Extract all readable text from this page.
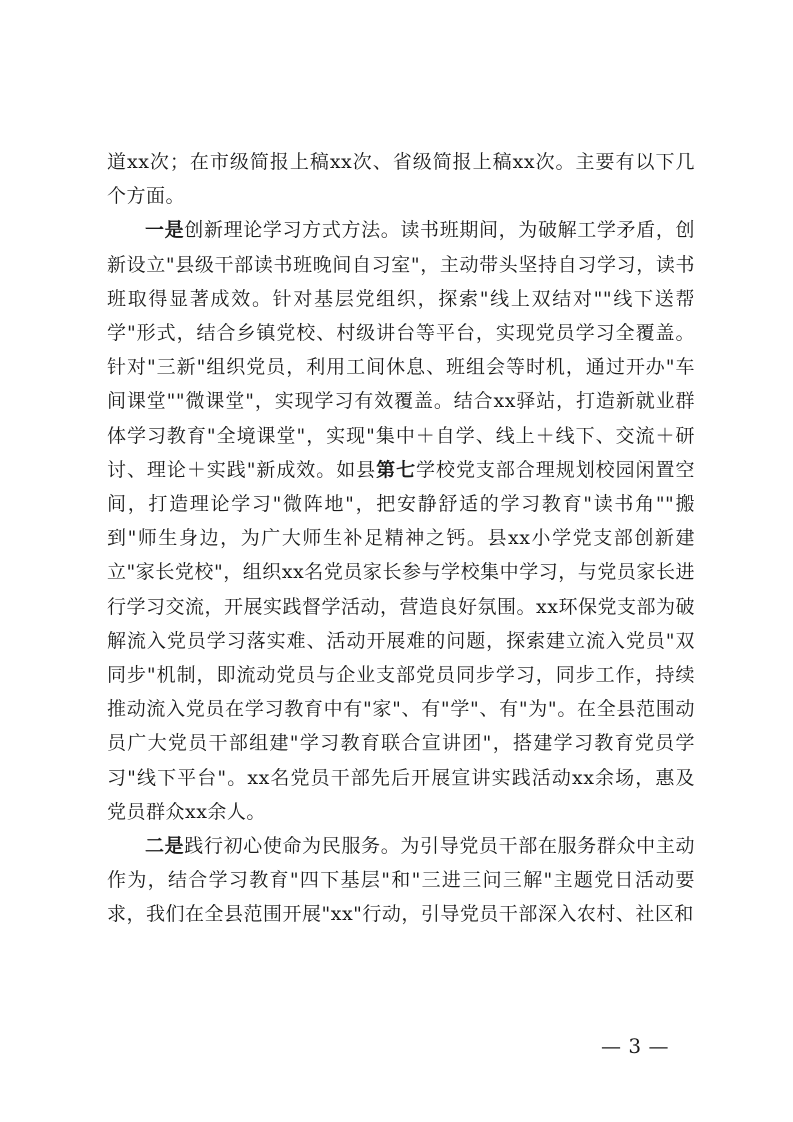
道xx次；在市级简报上稿xx次、省级简报上稿xx次。主要有以下几个方面。

一是创新理论学习方式方法。读书班期间，为破解工学矛盾，创新设立"县级干部读书班晚间自习室"，主动带头坚持自习学习，读书班取得显著成效。针对基层党组织，探索"线上双结对""线下送帮学"形式，结合乡镇党校、村级讲台等平台，实现党员学习全覆盖。针对"三新"组织党员，利用工间休息、班组会等时机，通过开办"车间课堂""微课堂"，实现学习有效覆盖。结合xx驿站，打造新就业群体学习教育"全境课堂"，实现"集中＋自学、线上＋线下、交流＋研讨、理论＋实践"新成效。如县第七学校党支部合理规划校园闲置空间，打造理论学习"微阵地"，把安静舒适的学习教育"读书角""搬到"师生身边，为广大师生补足精神之钙。县xx小学党支部创新建立"家长党校"，组织xx名党员家长参与学校集中学习，与党员家长进行学习交流，开展实践督学活动，营造良好氛围。xx环保党支部为破解流入党员学习落实难、活动开展难的问题，探索建立流入党员"双同步"机制，即流动党员与企业支部党员同步学习，同步工作，持续推动流入党员在学习教育中有"家"、有"学"、有"为"。在全县范围动员广大党员干部组建"学习教育联合宣讲团"，搭建学习教育党员学习"线下平台"。xx名党员干部先后开展宣讲实践活动xx余场，惠及党员群众xx余人。

二是践行初心使命为民服务。为引导党员干部在服务群众中主动作为，结合学习教育"四下基层"和"三进三问三解"主题党日活动要求，我们在全县范围开展"xx"行动，引导党员干部深入农村、社区和

— 3 —
